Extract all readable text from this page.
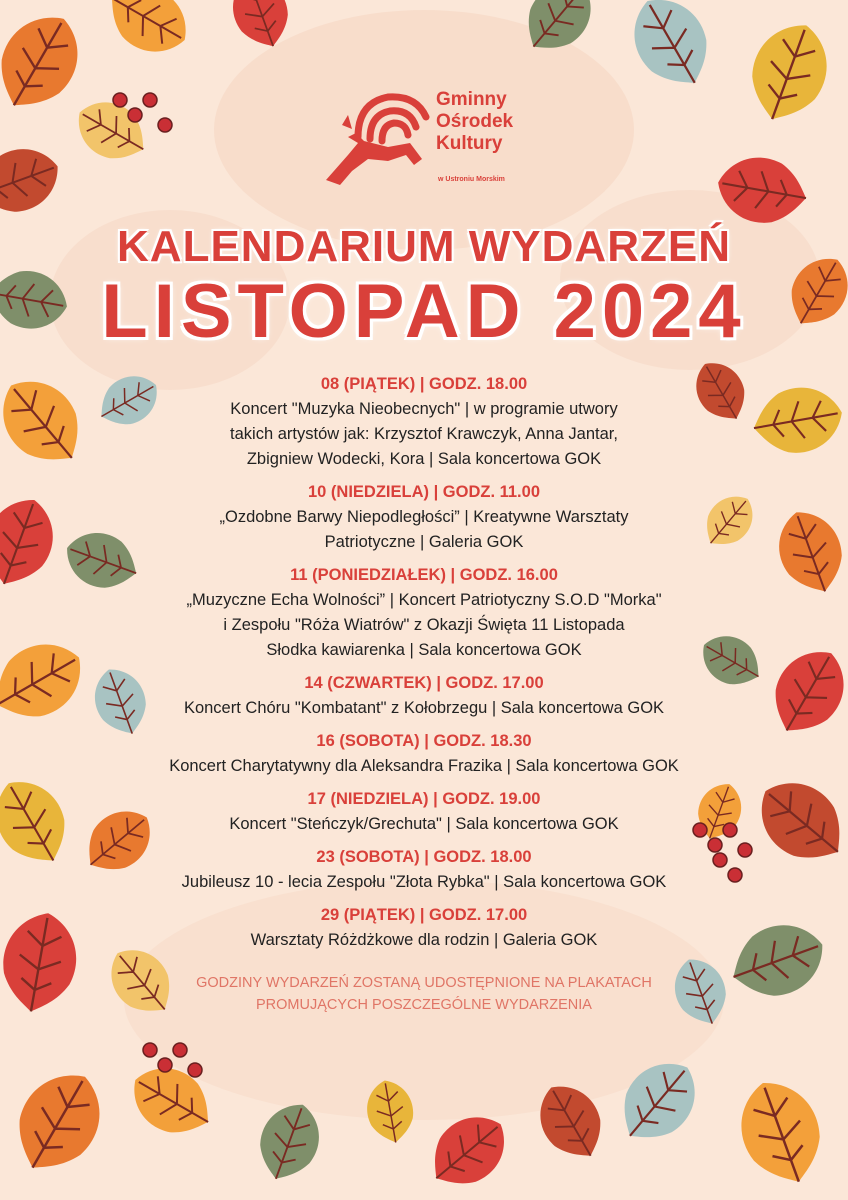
Gminny
Ośrodek
Kultury
w Ustroniu Morskim
KALENDARIUM WYDARZEŃ
LISTOPAD 2024
08 (PIĄTEK) | GODZ. 18.00
Koncert "Muzyka Nieobecnych" | w programie utwory
takich artystów jak: Krzysztof Krawczyk, Anna Jantar,
Zbigniew Wodecki, Kora | Sala koncertowa GOK
10 (NIEDZIELA) | GODZ. 11.00
„Ozdobne Barwy Niepodległości” | Kreatywne Warsztaty
Patriotyczne | Galeria GOK
11 (PONIEDZIAŁEK) | GODZ. 16.00
„Muzyczne Echa Wolności” | Koncert Patriotyczny S.O.D "Morka"
i Zespołu "Róża Wiatrów" z Okazji Święta 11 Listopada
Słodka kawiarenka | Sala koncertowa GOK
14 (CZWARTEK) | GODZ. 17.00
Koncert Chóru "Kombatant" z Kołobrzegu | Sala koncertowa GOK
16 (SOBOTA) | GODZ. 18.30
Koncert Charytatywny dla Aleksandra Frazika | Sala koncertowa GOK
17 (NIEDZIELA) | GODZ. 19.00
Koncert "Steńczyk/Grechuta" | Sala koncertowa GOK
23 (SOBOTA) | GODZ. 18.00
Jubileusz 10 - lecia Zespołu "Złota Rybka" | Sala koncertowa GOK
29 (PIĄTEK) | GODZ. 17.00
Warsztaty Różdżkowe dla rodzin | Galeria GOK
GODZINY WYDARZEŃ ZOSTANĄ UDOSTĘPNIONE NA PLAKATACH
PROMUJĄCYCH POSZCZEGÓLNE WYDARZENIA
